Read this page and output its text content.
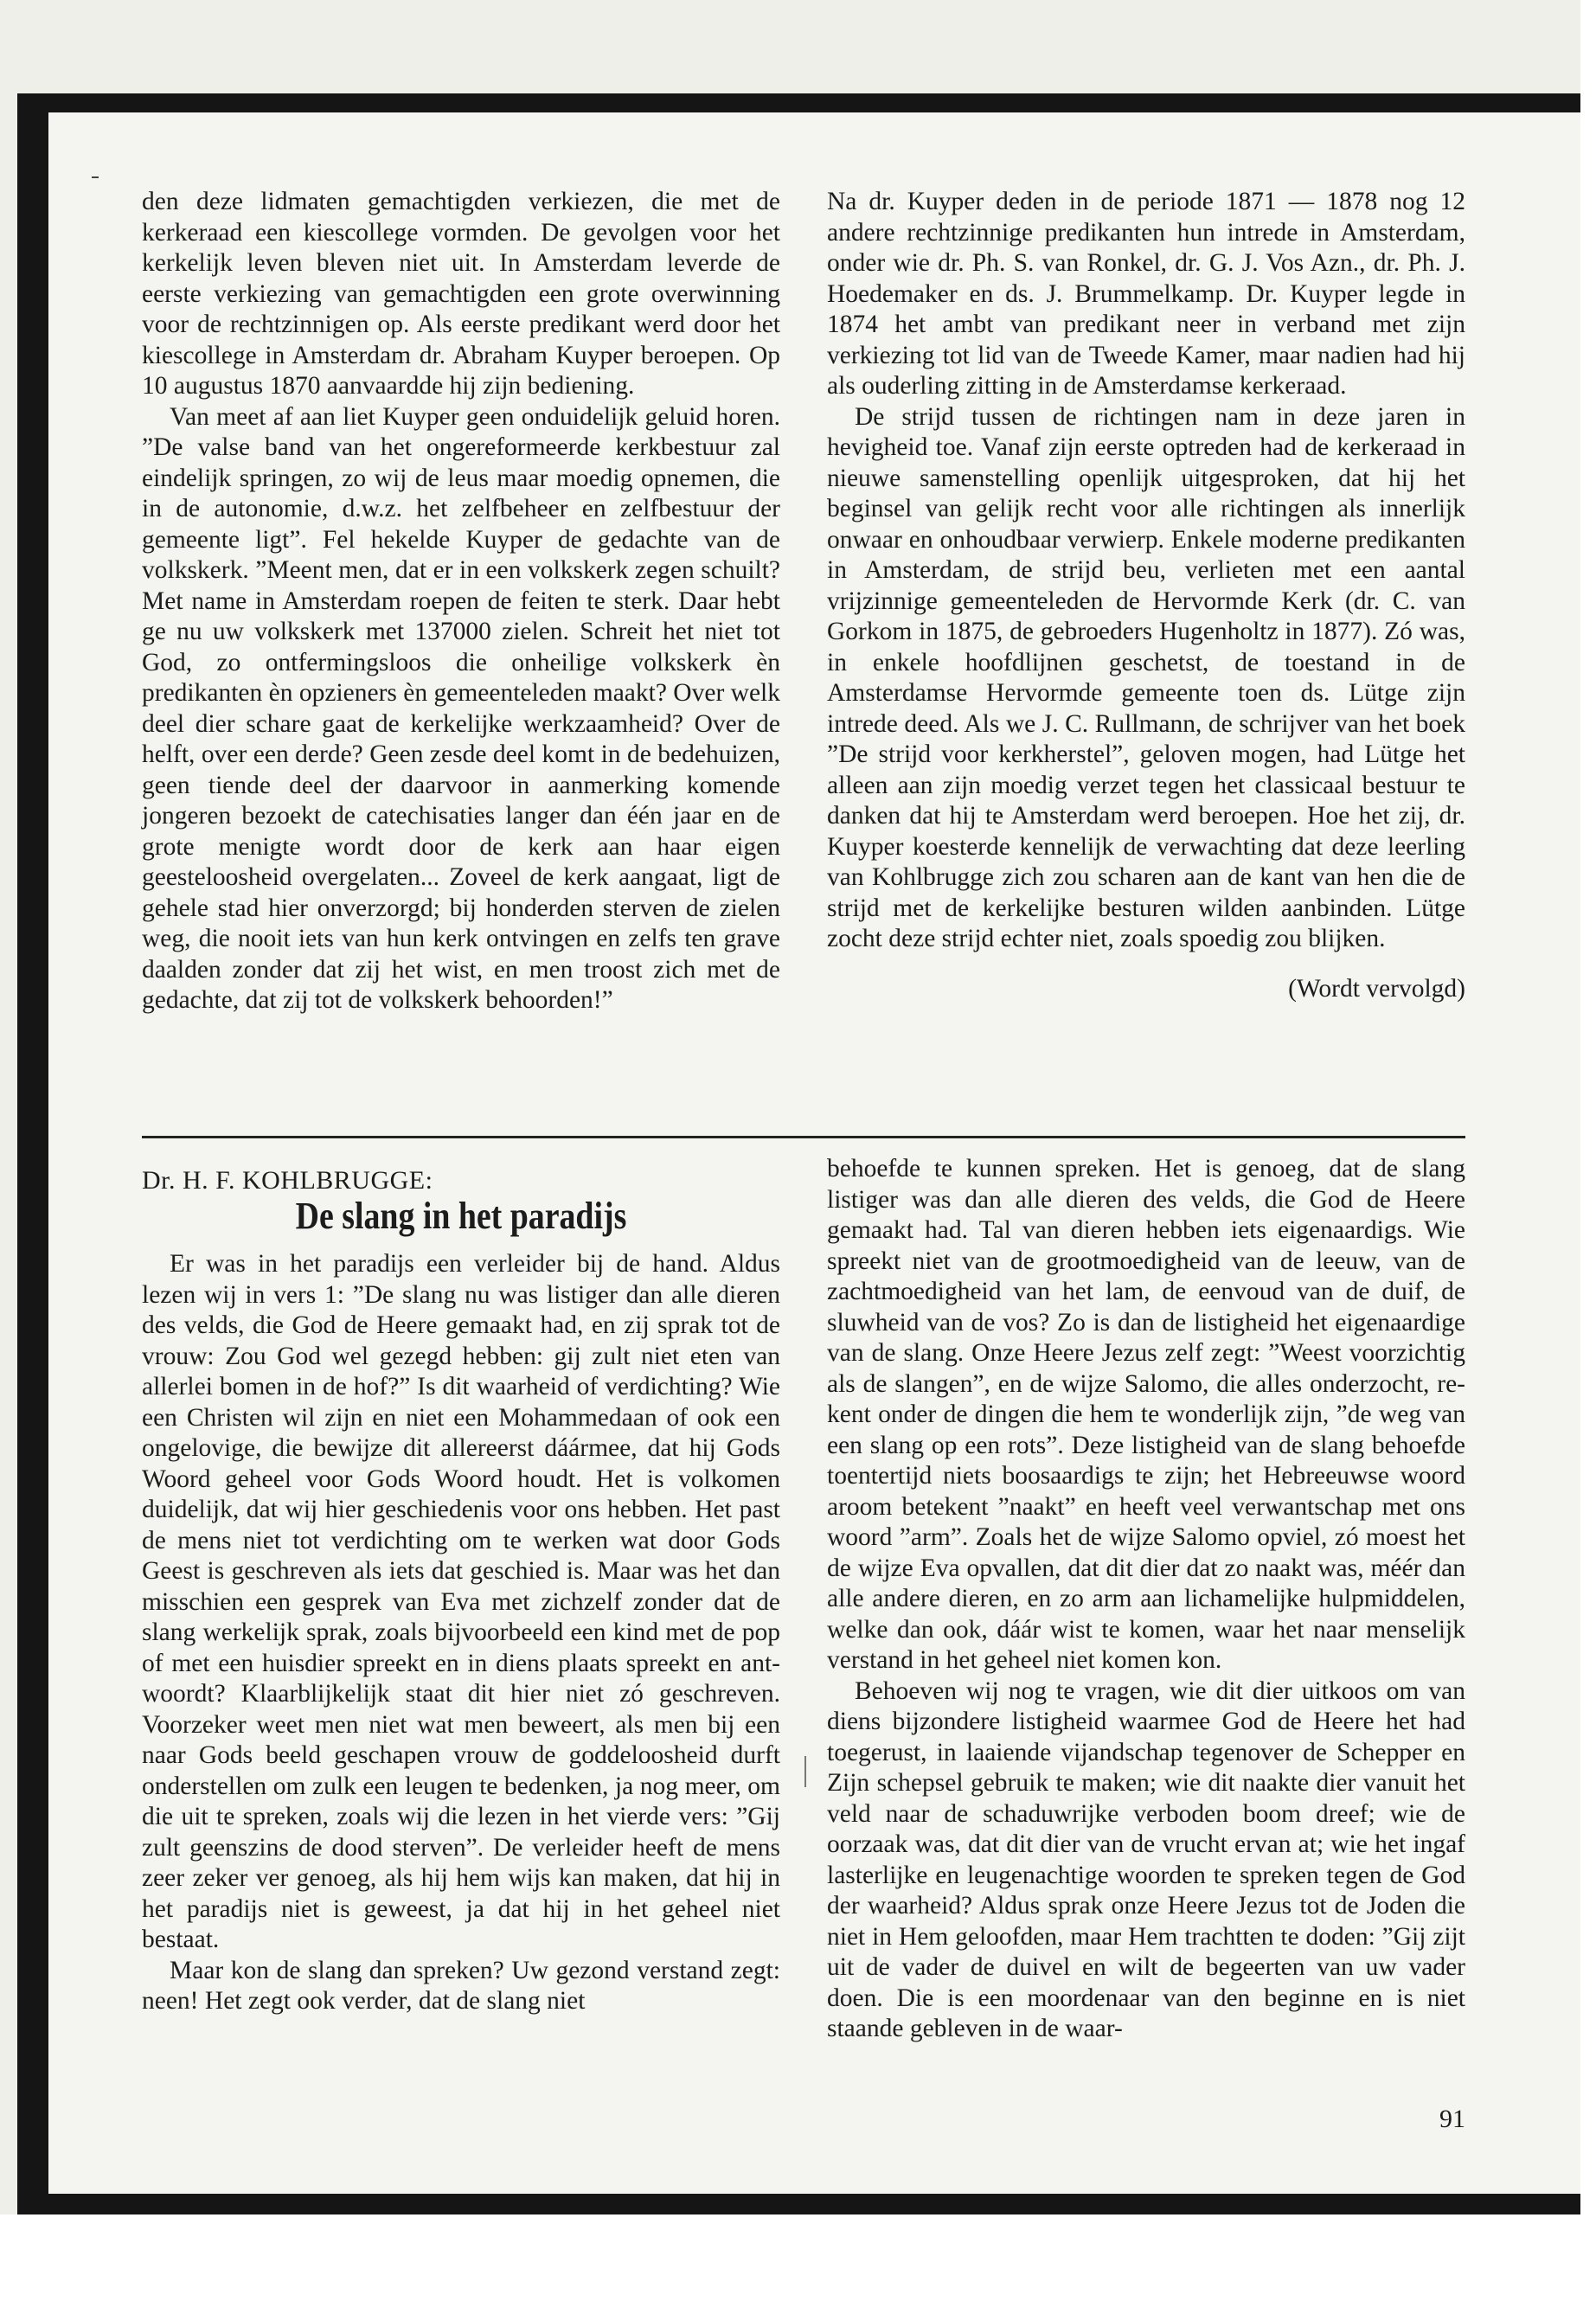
den deze lidmaten gemachtigden verkiezen, die met de kerkeraad een kiescollege vormden. De gevolgen voor het kerkelijk leven bleven niet uit. In Amsterdam leverde de eerste verkiezing van gemachtigden een grote overwinning voor de rechtzinnigen op. Als eerste predikant werd door het kiescollege in Amsterdam dr. Abraham Kuyper beroepen. Op 10 augustus 1870 aanvaardde hij zijn bediening.

Van meet af aan liet Kuyper geen onduidelijk geluid horen. ”De valse band van het ongereformeerde kerkbestuur zal eindelijk springen, zo wij de leus maar moedig opnemen, die in de autonomie, d.w.z. het zelfbeheer en zelfbestuur der gemeente ligt”. Fel hekelde Kuyper de gedachte van de volkskerk. ”Meent men, dat er in een volkskerk zegen schuilt? Met name in Amsterdam roepen de feiten te sterk. Daar hebt ge nu uw volkskerk met 137000 zielen. Schreit het niet tot God, zo ontfermingsloos die onheilige volkskerk èn predikanten èn opzieners èn gemeenteleden maakt? Over welk deel dier schare gaat de kerkelijke werkzaamheid? Over de helft, over een derde? Geen zesde deel komt in de bedehuizen, geen tiende deel der daarvoor in aanmerking komende jongeren bezoekt de catechisaties langer dan één jaar en de grote menigte wordt door de kerk aan haar eigen geesteloosheid overgelaten... Zoveel de kerk aangaat, ligt de gehele stad hier onverzorgd; bij honderden sterven de zielen weg, die nooit iets van hun kerk ontvingen en zelfs ten grave daalden zonder dat zij het wist, en men troost zich met de gedachte, dat zij tot de volkskerk behoorden!”

Na dr. Kuyper deden in de periode 1871 — 1878 nog 12 andere rechtzinnige predikanten hun intrede in Amsterdam, onder wie dr. Ph. S. van Ronkel, dr. G. J. Vos Azn., dr. Ph. J. Hoedemaker en ds. J. Brummelkamp. Dr. Kuyper legde in 1874 het ambt van predikant neer in verband met zijn verkiezing tot lid van de Tweede Kamer, maar nadien had hij als ouderling zitting in de Amsterdamse kerkeraad.

De strijd tussen de richtingen nam in deze jaren in hevigheid toe. Vanaf zijn eerste optreden had de kerkeraad in nieuwe samenstelling openlijk uitgesproken, dat hij het beginsel van gelijk recht voor alle richtingen als innerlijk onwaar en onhoudbaar verwierp. Enkele moderne predikanten in Amsterdam, de strijd beu, verlieten met een aantal vrijzinnige gemeenteleden de Hervormde Kerk (dr. C. van Gorkom in 1875, de gebroeders Hugenholtz in 1877). Zó was, in enkele hoofdlijnen geschetst, de toestand in de Amsterdamse Hervormde gemeente toen ds. Lütge zijn intrede deed. Als we J. C. Rullmann, de schrijver van het boek ”De strijd voor kerkherstel”, geloven mogen, had Lütge het alleen aan zijn moedig verzet tegen het classicaal bestuur te danken dat hij te Amsterdam werd beroepen. Hoe het zij, dr. Kuyper koesterde kennelijk de verwachting dat deze leerling van Kohlbrugge zich zou scharen aan de kant van hen die de strijd met de kerkelijke besturen wilden aanbinden. Lütge zocht deze strijd echter niet, zoals spoedig zou blijken.

(Wordt vervolgd)

Dr. H. F. KOHLBRUGGE:

De slang in het paradijs

Er was in het paradijs een verleider bij de hand. Aldus lezen wij in vers 1: ”De slang nu was listiger dan alle dieren des velds, die God de Heere gemaakt had, en zij sprak tot de vrouw: Zou God wel gezegd hebben: gij zult niet eten van allerlei bomen in de hof?” Is dit waarheid of verdichting? Wie een Christen wil zijn en niet een Mohammedaan of ook een ongelovige, die bewijze dit allereerst dáármee, dat hij Gods Woord geheel voor Gods Woord houdt. Het is volkomen duidelijk, dat wij hier geschiedenis voor ons hebben. Het past de mens niet tot verdichting om te werken wat door Gods Geest is geschreven als iets dat geschied is. Maar was het dan misschien een gesprek van Eva met zichzelf zonder dat de slang werkelijk sprak, zoals bijvoorbeeld een kind met de pop of met een huisdier spreekt en in diens plaats spreekt en antwoordt? Klaarblijkelijk staat dit hier niet zó geschreven. Voorzeker weet men niet wat men beweert, als men bij een naar Gods beeld geschapen vrouw de goddeloosheid durft onderstellen om zulk een leugen te bedenken, ja nog meer, om die uit te spreken, zoals wij die lezen in het vierde vers: ”Gij zult geenszins de dood sterven”. De verleider heeft de mens zeer zeker ver genoeg, als hij hem wijs kan maken, dat hij in het paradijs niet is geweest, ja dat hij in het geheel niet bestaat.

Maar kon de slang dan spreken? Uw gezond verstand zegt: neen! Het zegt ook verder, dat de slang niet

behoefde te kunnen spreken. Het is genoeg, dat de slang listiger was dan alle dieren des velds, die God de Heere gemaakt had. Tal van dieren hebben iets eigenaardigs. Wie spreekt niet van de grootmoedigheid van de leeuw, van de zachtmoedigheid van het lam, de eenvoud van de duif, de sluwheid van de vos? Zo is dan de listigheid het eigenaardige van de slang. Onze Heere Jezus zelf zegt: ”Weest voorzichtig als de slangen”, en de wijze Salomo, die alles onderzocht, rekent onder de dingen die hem te wonderlijk zijn, ”de weg van een slang op een rots”. Deze listigheid van de slang behoefde toentertijd niets boosaardigs te zijn; het Hebreeuwse woord aroom betekent ”naakt” en heeft veel verwantschap met ons woord ”arm”. Zoals het de wijze Salomo opviel, zó moest het de wijze Eva opvallen, dat dit dier dat zo naakt was, méér dan alle andere dieren, en zo arm aan lichamelijke hulpmiddelen, welke dan ook, dáár wist te komen, waar het naar menselijk verstand in het geheel niet komen kon.

Behoeven wij nog te vragen, wie dit dier uitkoos om van diens bijzondere listigheid waarmee God de Heere het had toegerust, in laaiende vijandschap tegenover de Schepper en Zijn schepsel gebruik te maken; wie dit naakte dier vanuit het veld naar de schaduwrijke verboden boom dreef; wie de oorzaak was, dat dit dier van de vrucht ervan at; wie het ingaf lasterlijke en leugenachtige woorden te spreken tegen de God der waarheid? Aldus sprak onze Heere Jezus tot de Joden die niet in Hem geloofden, maar Hem trachtten te doden: ”Gij zijt uit de vader de duivel en wilt de begeerten van uw vader doen. Die is een moordenaar van den beginne en is niet staande gebleven in de waar-

91
